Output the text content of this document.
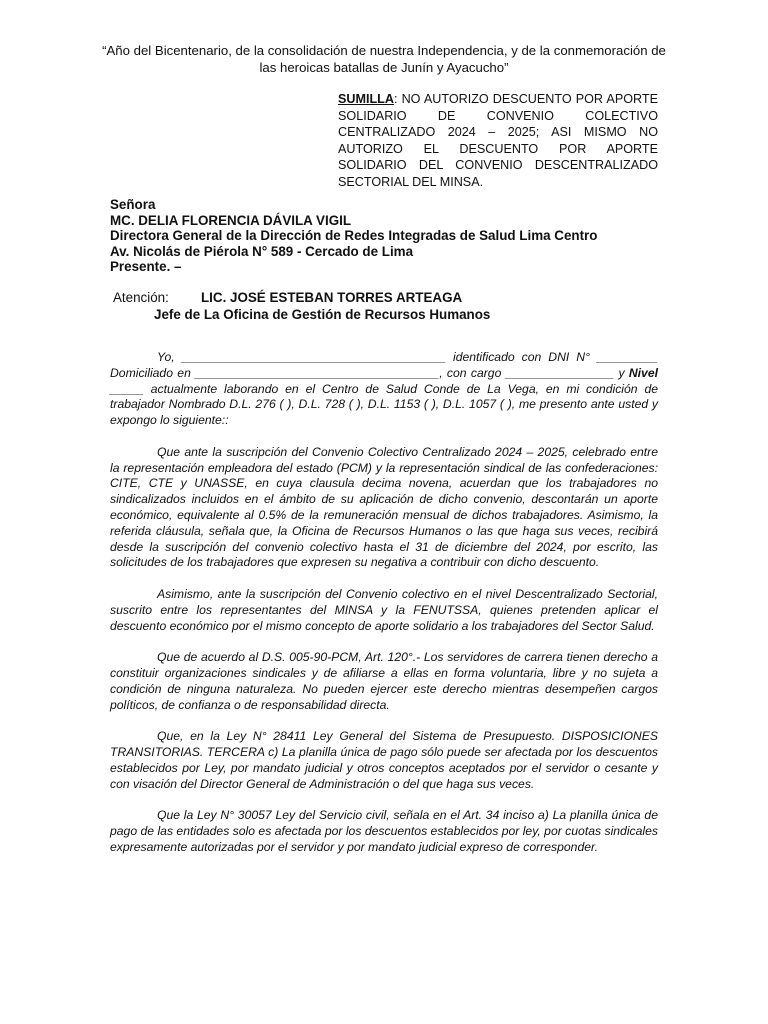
“Año del Bicentenario, de la consolidación de nuestra Independencia, y de la conmemoración de las heroicas batallas de Junín y Ayacucho”
SUMILLA: NO AUTORIZO DESCUENTO POR APORTE SOLIDARIO DE CONVENIO COLECTIVO CENTRALIZADO 2024 – 2025; ASI MISMO NO AUTORIZO EL DESCUENTO POR APORTE SOLIDARIO DEL CONVENIO DESCENTRALIZADO SECTORIAL DEL MINSA.
Señora
MC. DELIA FLORENCIA DÁVILA VIGIL
Directora General de la Dirección de Redes Integradas de Salud Lima Centro
Av. Nicolás de Piérola N° 589 - Cercado de Lima
Presente. –
Atención: LIC. JOSÉ ESTEBAN TORRES ARTEAGA
Jefe de La Oficina de Gestión de Recursos Humanos

Yo, _______________________________________ identificado con DNI N° _________ Domiciliado en ____________________________________, con cargo ________________ y Nivel _____ actualmente laborando en el Centro de Salud Conde de La Vega, en mi condición de trabajador Nombrado D.L. 276 ( ), D.L. 728 ( ), D.L. 1153 ( ), D.L. 1057 ( ), me presento ante usted y expongo lo siguiente::

Que ante la suscripción del Convenio Colectivo Centralizado 2024 – 2025, celebrado entre la representación empleadora del estado (PCM) y la representación sindical de las confederaciones: CITE, CTE y UNASSE, en cuya clausula decima novena, acuerdan que los trabajadores no sindicalizados incluidos en el ámbito de su aplicación de dicho convenio, descontarán un aporte económico, equivalente al 0.5% de la remuneración mensual de dichos trabajadores. Asimismo, la referida cláusula, señala que, la Oficina de Recursos Humanos o las que haga sus veces, recibirá desde la suscripción del convenio colectivo hasta el 31 de diciembre del 2024, por escrito, las solicitudes de los trabajadores que expresen su negativa a contribuir con dicho descuento.

Asimismo, ante la suscripción del Convenio colectivo en el nivel Descentralizado Sectorial, suscrito entre los representantes del MINSA y la FENUTSSA, quienes pretenden aplicar el descuento económico por el mismo concepto de aporte solidario a los trabajadores del Sector Salud.

Que de acuerdo al D.S. 005-90-PCM, Art. 120°.- Los servidores de carrera tienen derecho a constituir organizaciones sindicales y de afiliarse a ellas en forma voluntaria, libre y no sujeta a condición de ninguna naturaleza. No pueden ejercer este derecho mientras desempeñen cargos políticos, de confianza o de responsabilidad directa.

Que, en la Ley N° 28411 Ley General del Sistema de Presupuesto. DISPOSICIONES TRANSITORIAS. TERCERA c) La planilla única de pago sólo puede ser afectada por los descuentos establecidos por Ley, por mandato judicial y otros conceptos aceptados por el servidor o cesante y con visación del Director General de Administración o del que haga sus veces.

Que la Ley N° 30057 Ley del Servicio civil, señala en el Art. 34 inciso a) La planilla única de pago de las entidades solo es afectada por los descuentos establecidos por ley, por cuotas sindicales expresamente autorizadas por el servidor y por mandato judicial expreso de corresponder.
